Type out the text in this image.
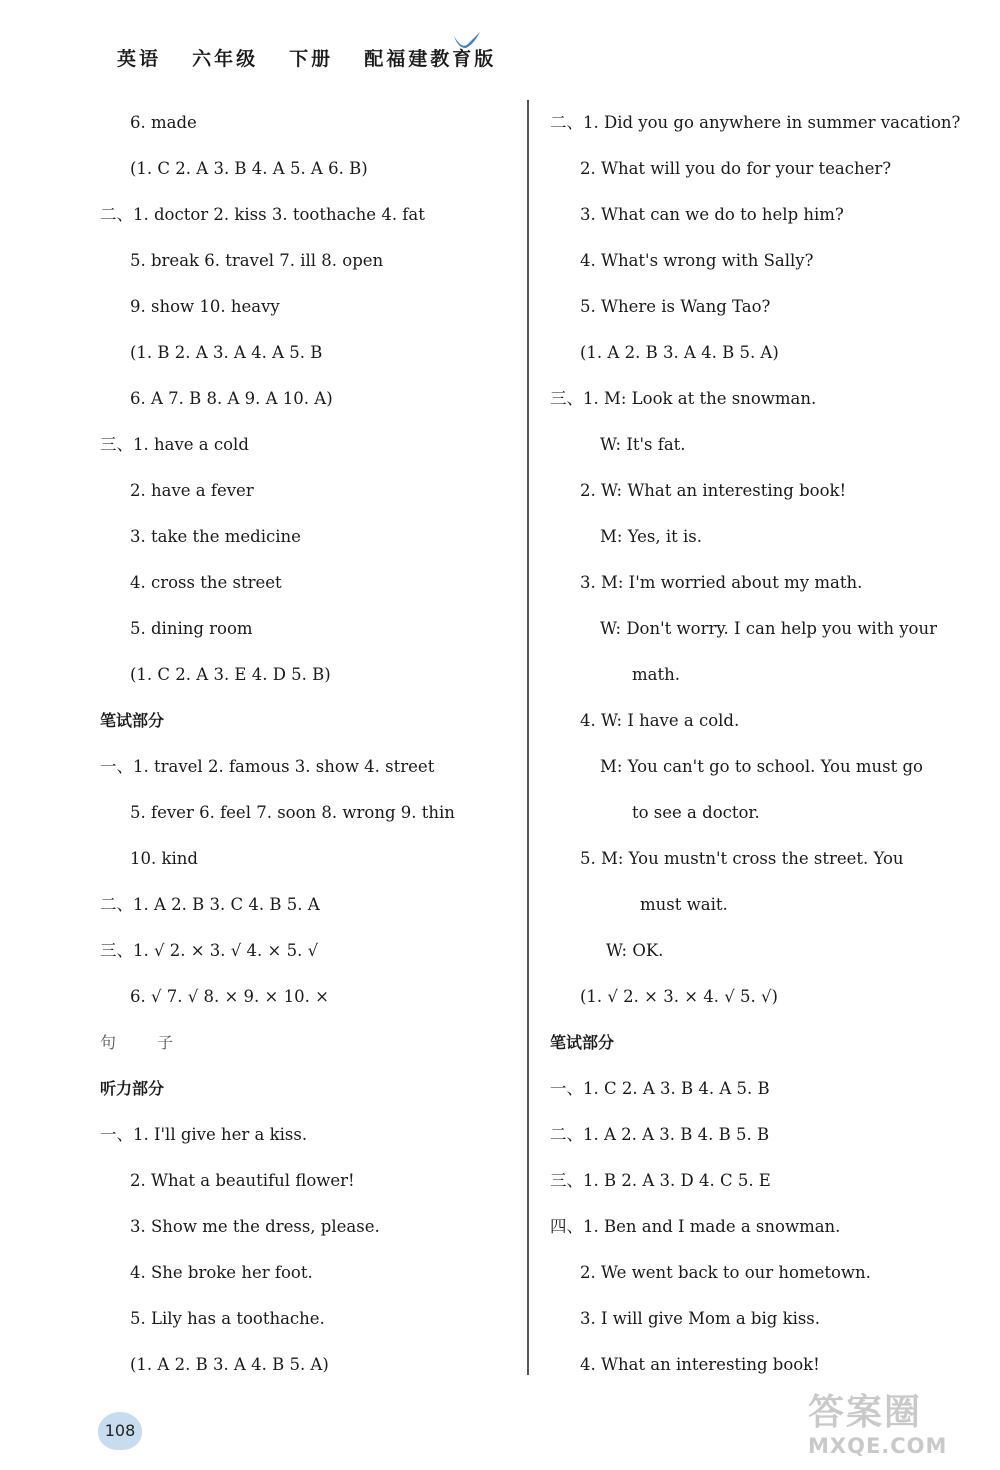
英语 六年级 下册 配福建教育版
6. made
(1. C 2. A 3. B 4. A 5. A 6. B)
二、1. doctor 2. kiss 3. toothache 4. fat
5. break 6. travel 7. ill 8. open
9. show 10. heavy
(1. B 2. A 3. A 4. A 5. B
6. A 7. B 8. A 9. A 10. A)
三、1. have a cold
2. have a fever
3. take the medicine
4. cross the street
5. dining room
(1. C 2. A 3. E 4. D 5. B)
笔试部分
一、1. travel 2. famous 3. show 4. street
5. fever 6. feel 7. soon 8. wrong 9. thin
10. kind
二、1. A 2. B 3. C 4. B 5. A
三、1. √ 2. × 3. √ 4. × 5. √
6. √ 7. √ 8. × 9. × 10. ×
句 子
听力部分
一、1. I'll give her a kiss.
2. What a beautiful flower!
3. Show me the dress, please.
4. She broke her foot.
5. Lily has a toothache.
(1. A 2. B 3. A 4. B 5. A)
二、1. Did you go anywhere in summer vacation?
2. What will you do for your teacher?
3. What can we do to help him?
4. What's wrong with Sally?
5. Where is Wang Tao?
(1. A 2. B 3. A 4. B 5. A)
三、1. M: Look at the snowman.
W: It's fat.
2. W: What an interesting book!
M: Yes, it is.
3. M: I'm worried about my math.
W: Don't worry. I can help you with your
math.
4. W: I have a cold.
M: You can't go to school. You must go
to see a doctor.
5. M: You mustn't cross the street. You
must wait.
W: OK.
(1. √ 2. × 3. × 4. √ 5. √)
笔试部分
一、1. C 2. A 3. B 4. A 5. B
二、1. A 2. A 3. B 4. B 5. B
三、1. B 2. A 3. D 4. C 5. E
四、1. Ben and I made a snowman.
2. We went back to our hometown.
3. I will give Mom a big kiss.
4. What an interesting book!
108	答案圈
MXQE.COM
